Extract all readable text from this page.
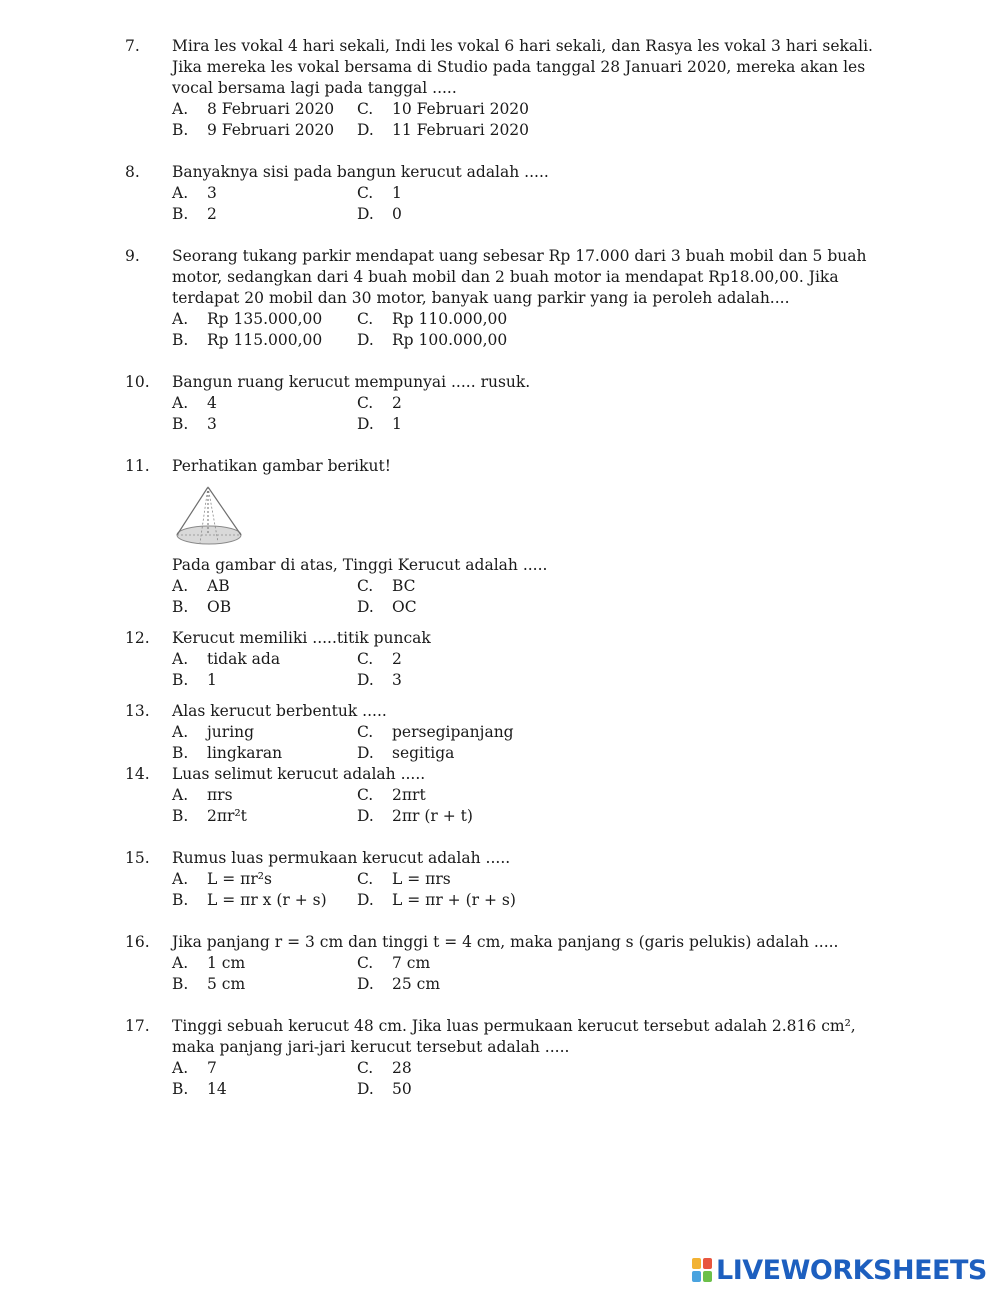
7. Mira les vokal 4 hari sekali, Indi les vokal 6 hari sekali, dan Rasya les vokal 3 hari sekali. Jika mereka les vokal bersama di Studio pada tanggal 28 Januari 2020, mereka akan les vocal bersama lagi pada tanggal .....
A.	8 Februari 2020 C.	10 Februari 2020
B.	9 Februari 2020 D.	11 Februari 2020
8. Banyaknya sisi pada bangun kerucut adalah .....
A.	3	C.	1
B.	2	D.	0
9. Seorang tukang parkir mendapat uang sebesar Rp 17.000 dari 3 buah mobil dan 5 buah motor, sedangkan dari 4 buah mobil dan 2 buah motor ia mendapat Rp18.00,00. Jika terdapat 20 mobil dan 30 motor, banyak uang parkir yang ia peroleh adalah....
A.	Rp 135.000,00 C.	Rp 110.000,00
B.	Rp 115.000,00 D.	Rp 100.000,00
10. Bangun ruang kerucut mempunyai ..... rusuk.
A.	4	C.	2
B.	3	D.	1
11. Perhatikan gambar berikut!
Pada gambar di atas, Tinggi Kerucut adalah .....
A.	AB	C.	BC
B.	OB	D.	OC
12. Kerucut memiliki .....titik puncak
A.	tidak ada	C.	2
B.	1	D.	3
13. Alas kerucut berbentuk .....
A.	juring	C.	persegipanjang
B.	lingkaran	D.	segitiga
14. Luas selimut kerucut adalah .....
A.	πrs	C.	2πrt
B.	2πr²t	D.	2πr (r + t)
15. Rumus luas permukaan kerucut adalah .....
A.	L = πr²s	C.	L = πrs
B.	L = πr x (r + s) D.	L = πr + (r + s)
16. Jika panjang r = 3 cm dan tinggi t = 4 cm, maka panjang s (garis pelukis) adalah .....
A.	1 cm	C.	7 cm
B.	5 cm	D.	25 cm
17. Tinggi sebuah kerucut 48 cm. Jika luas permukaan kerucut tersebut adalah 2.816 cm², maka panjang jari-jari kerucut tersebut adalah .....
A.	7	C.	28
B.	14	D.	50
LIVEWORKSHEETS
